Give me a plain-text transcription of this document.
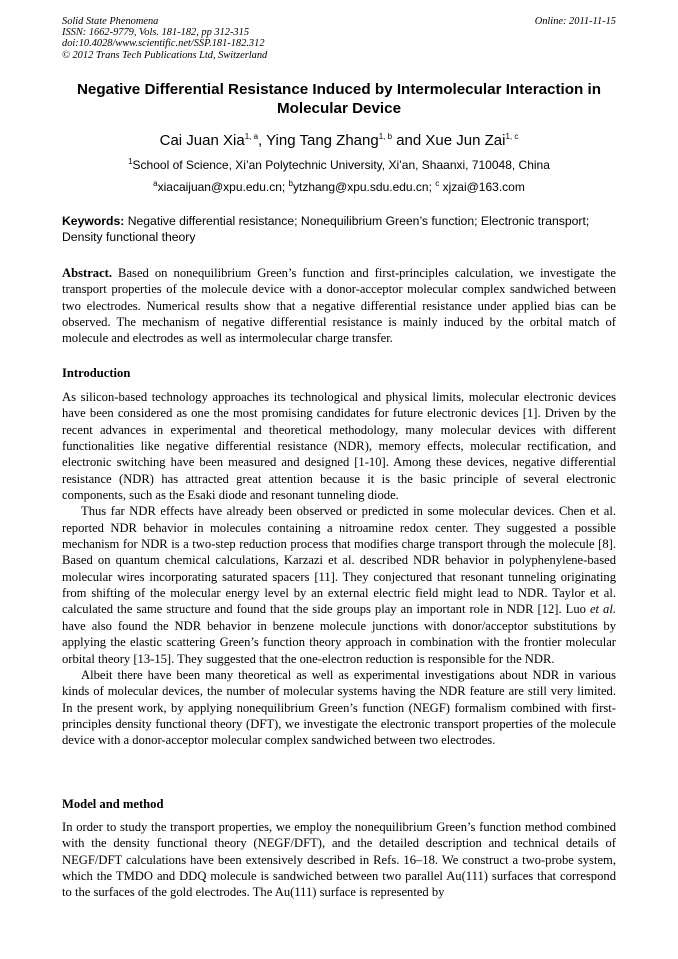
Solid State Phenomena
ISSN: 1662-9779, Vols. 181-182, pp 312-315
doi:10.4028/www.scientific.net/SSP.181-182.312
© 2012 Trans Tech Publications Ltd, Switzerland
Online: 2011-11-15
Negative Differential Resistance Induced by Intermolecular Interaction in Molecular Device
Cai Juan Xia$^{1, a}$, Ying Tang Zhang$^{1, b}$ and Xue Jun Zai$^{1, c}$
$^1$School of Science, Xi’an Polytechnic University, Xi’an, Shaanxi, 710048, China
$^a$xiacaijuan@xpu.edu.cn; $^b$ytzhang@xpu.sdu.edu.cn; $^c$ xjzai@163.com
Keywords: Negative differential resistance; Nonequilibrium Green’s function; Electronic transport; Density functional theory
Abstract. Based on nonequilibrium Green’s function and first-principles calculation, we investigate the transport properties of the molecule device with a donor-acceptor molecular complex sandwiched between two electrodes. Numerical results show that a negative differential resistance under applied bias can be observed. The mechanism of negative differential resistance is mainly induced by the orbital match of molecule and electrodes as well as intermolecular charge transfer.
Introduction

As silicon-based technology approaches its technological and physical limits, molecular electronic devices have been considered as one the most promising candidates for future electronic devices [1]. Driven by the recent advances in experimental and theoretical methodology, many molecular devices with different functionalities like negative differential resistance (NDR), memory effects, molecular rectification, and electronic switching have been measured and designed [1-10]. Among these devices, negative differential resistance (NDR) has attracted great attention because it is the basic principle of several electronic components, such as the Esaki diode and resonant tunneling diode.

Thus far NDR effects have already been observed or predicted in some molecular devices. Chen et al. reported NDR behavior in molecules containing a nitroamine redox center. They suggested a possible mechanism for NDR is a two-step reduction process that modifies charge transport through the molecule [8]. Based on quantum chemical calculations, Karzazi et al. described NDR behavior in polyphenylene-based molecular wires incorporating saturated spacers [11]. They conjectured that resonant tunneling originating from shifting of the molecular energy level by an external electric field might lead to NDR. Taylor et al. calculated the same structure and found that the side groups play an important role in NDR [12]. Luo et al. have also found the NDR behavior in benzene molecule junctions with donor/acceptor substitutions by applying the elastic scattering Green’s function theory approach in combination with the frontier molecular orbital theory [13-15]. They suggested that the one-electron reduction is responsible for the NDR.

Albeit there have been many theoretical as well as experimental investigations about NDR in various kinds of molecular devices, the number of molecular systems having the NDR feature are still very limited. In the present work, by applying nonequilibrium Green’s function (NEGF) formalism combined with first-principles density functional theory (DFT), we investigate the electronic transport properties of the molecule device with a donor-acceptor molecular complex sandwiched between two electrodes.

Model and method

In order to study the transport properties, we employ the nonequilibrium Green’s function method combined with the density functional theory (NEGF/DFT), and the detailed description and technical details of NEGF/DFT calculations have been extensively described in Refs. 16–18. We construct a two-probe system, which the TMDO and DDQ molecule is sandwiched between two parallel Au(111) surfaces that correspond to the surfaces of the gold electrodes. The Au(111) surface is represented by
